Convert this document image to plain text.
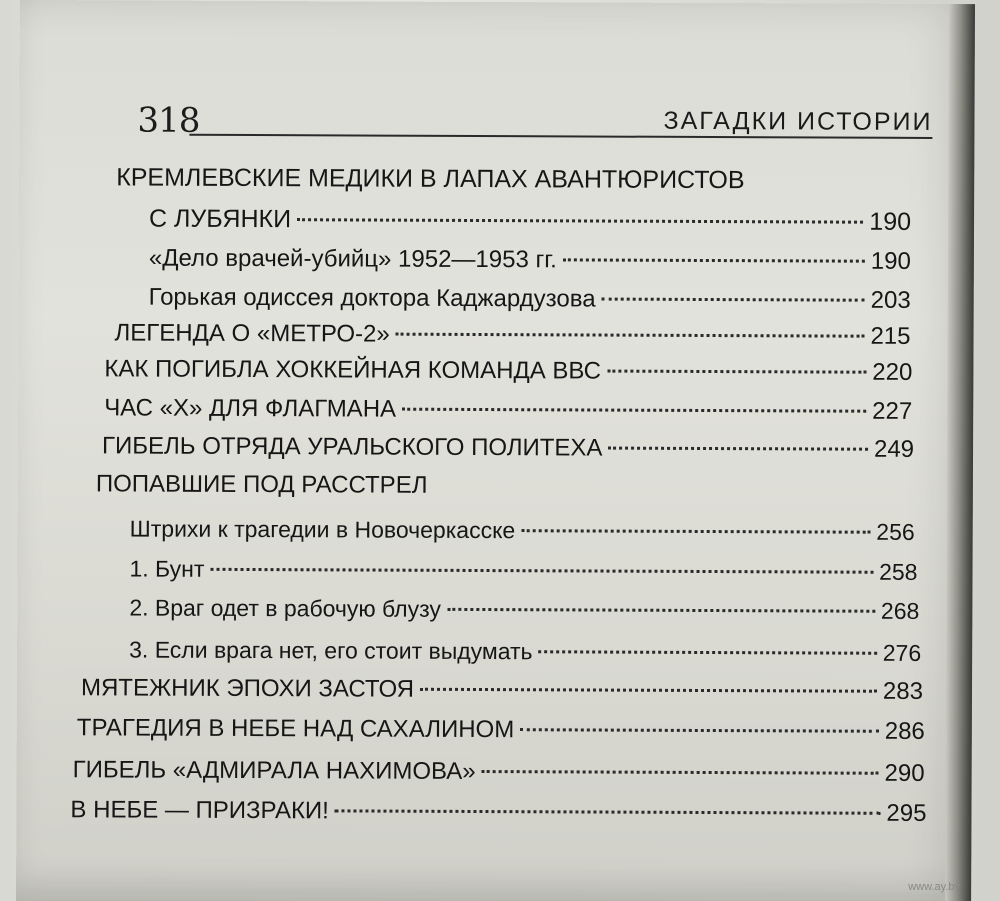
318	ЗАГАДКИ ИСТОРИИ
КРЕМЛЕВСКИЕ МЕДИКИ В ЛАПАХ АВАНТЮРИСТОВ
С ЛУБЯНКИ	190
«Дело врачей-убийц» 1952—1953 гг.	190
Горькая одиссея доктора Каджардузова	203
ЛЕГЕНДА О «МЕТРО-2»	215
КАК ПОГИБЛА ХОККЕЙНАЯ КОМАНДА ВВС	220
ЧАС «Х» ДЛЯ ФЛАГМАНА	227
ГИБЕЛЬ ОТРЯДА УРАЛЬСКОГО ПОЛИТЕХА	249
ПОПАВШИЕ ПОД РАССТРЕЛ
Штрихи к трагедии в Новочеркасске	256
1. Бунт	258
2. Враг одет в рабочую блузу	268
3. Если врага нет, его стоит выдумать	276
МЯТЕЖНИК ЭПОХИ ЗАСТОЯ	283
ТРАГЕДИЯ В НЕБЕ НАД САХАЛИНОМ	286
ГИБЕЛЬ «АДМИРАЛА НАХИМОВА»	290
В НЕБЕ — ПРИЗРАКИ!	295
www.ay.by
